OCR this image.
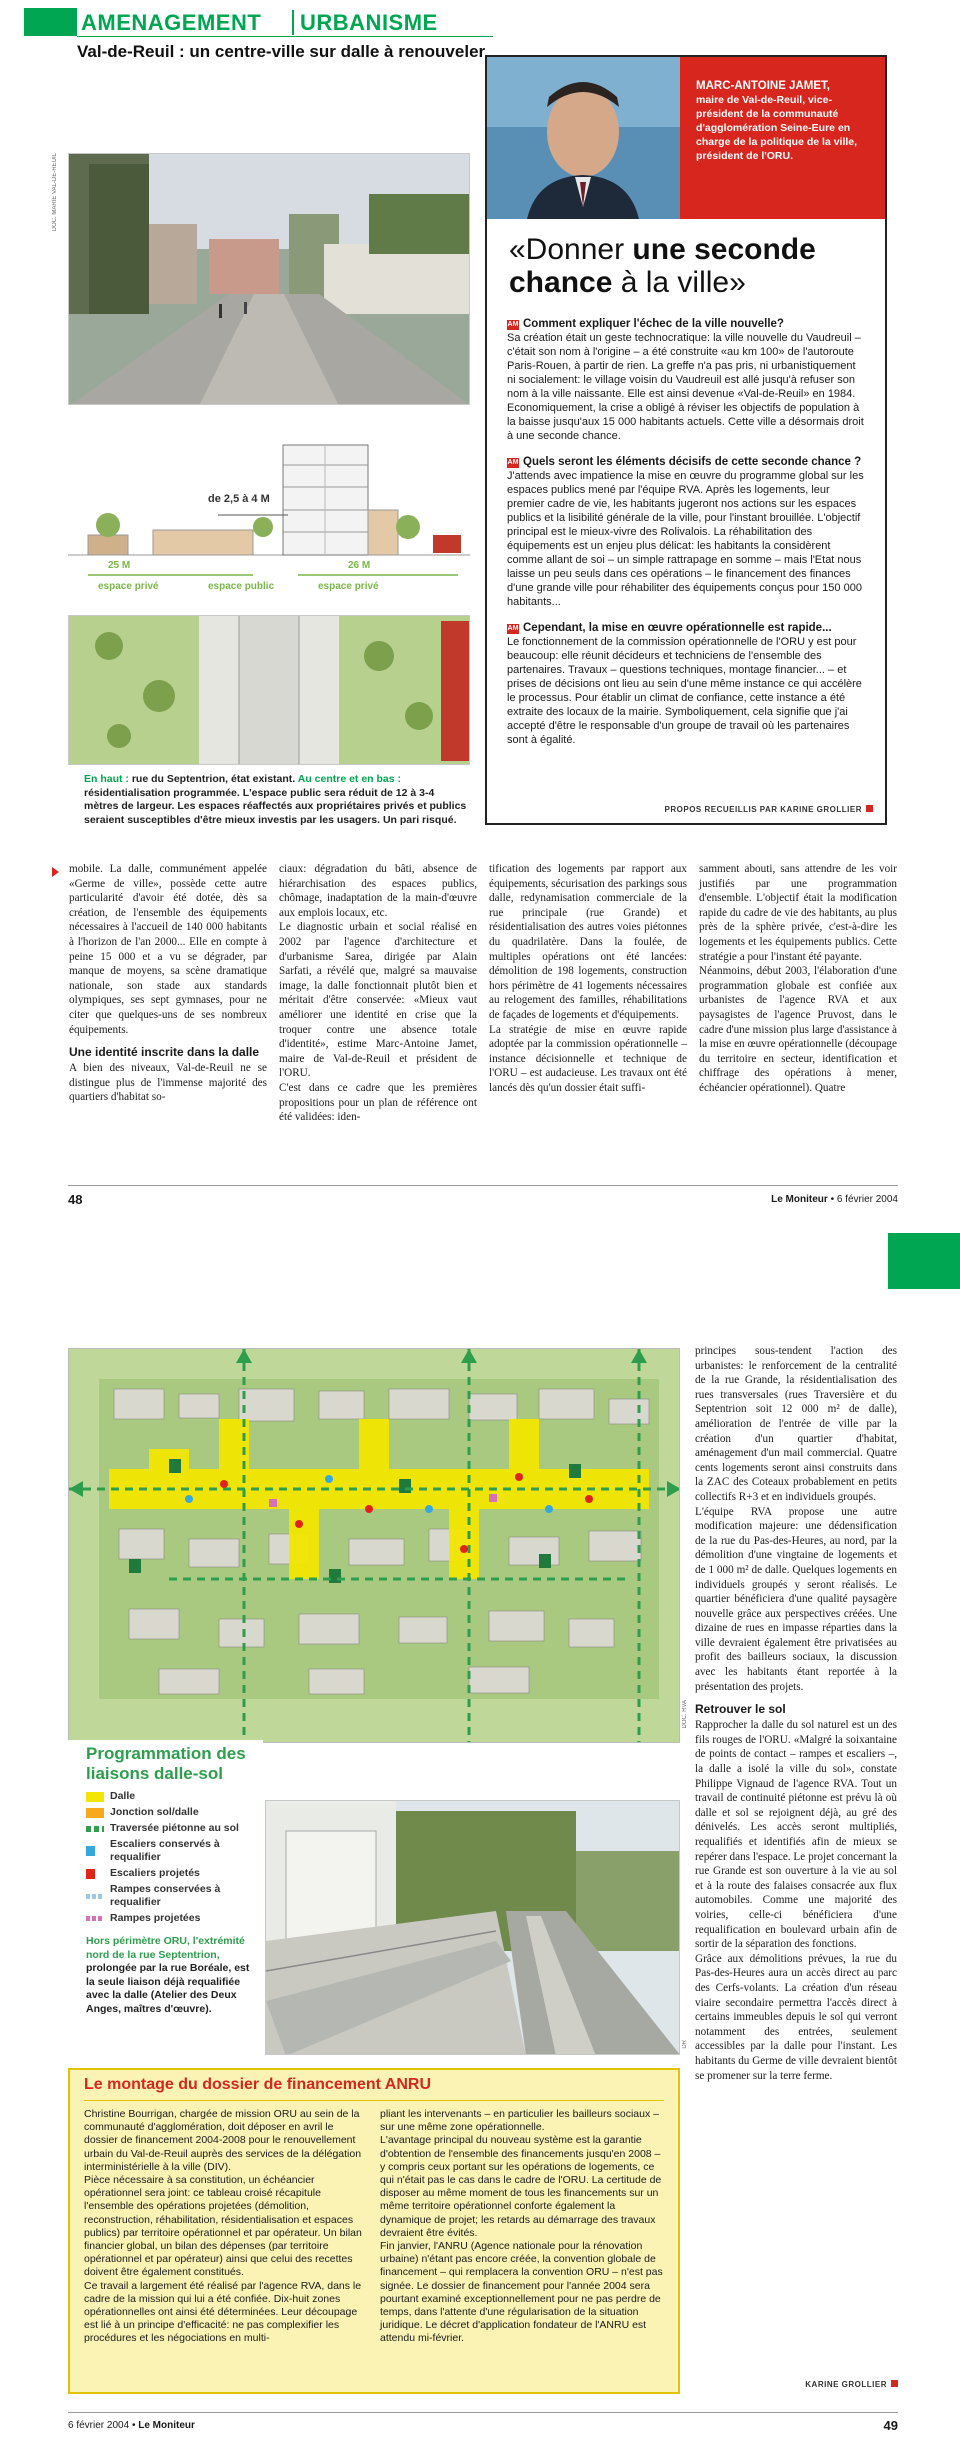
AMENAGEMENT URBANISME
Val-de-Reuil : un centre-ville sur dalle à renouveler
DOC. MARIE VAL-DE-REUIL
de 2,5 à 4 M
25 M	26 M
espace privé	espace public	espace privé
En haut : rue du Septentrion, état existant. Au centre et en bas : résidentialisation programmée. L'espace public sera réduit de 12 à 3-4 mètres de largeur. Les espaces réaffectés aux propriétaires privés et publics seraient susceptibles d'être mieux investis par les usagers. Un pari risqué.
MARC-ANTOINE JAMET,
maire de Val-de-Reuil, vice-président de la communauté d'agglomération Seine-Eure en charge de la politique de la ville, président de l'ORU.
«Donner une seconde chance à la ville»
AM Comment expliquer l'échec de la ville nouvelle?
Sa création était un geste technocratique: la ville nouvelle du Vaudreuil – c'était son nom à l'origine – a été construite «au km 100» de l'autoroute Paris-Rouen, à partir de rien. La greffe n'a pas pris, ni urbanistiquement ni socialement: le village voisin du Vaudreuil est allé jusqu'à refuser son nom à la ville naissante. Elle est ainsi devenue «Val-de-Reuil» en 1984. Economiquement, la crise a obligé à réviser les objectifs de population à la baisse jusqu'aux 15 000 habitants actuels. Cette ville a désormais droit à une seconde chance.
AM Quels seront les éléments décisifs de cette seconde chance ?
J'attends avec impatience la mise en œuvre du programme global sur les espaces publics mené par l'équipe RVA. Après les logements, leur premier cadre de vie, les habitants jugeront nos actions sur les espaces publics et la lisibilité générale de la ville, pour l'instant brouillée. L'objectif principal est le mieux-vivre des Rolivalois. La réhabilitation des équipements est un enjeu plus délicat: les habitants la considèrent comme allant de soi – un simple rattrapage en somme – mais l'Etat nous laisse un peu seuls dans ces opérations – le financement des finances d'une grande ville pour réhabiliter des équipements conçus pour 150 000 habitants...
AM Cependant, la mise en œuvre opérationnelle est rapide...
Le fonctionnement de la commission opérationnelle de l'ORU y est pour beaucoup: elle réunit décideurs et techniciens de l'ensemble des partenaires. Travaux – questions techniques, montage financier... – et prises de décisions ont lieu au sein d'une même instance ce qui accélère le processus. Pour établir un climat de confiance, cette instance a été extraite des locaux de la mairie. Symboliquement, cela signifie que j'ai accepté d'être le responsable d'un groupe de travail où les partenaires sont à égalité.
PROPOS RECUEILLIS PAR KARINE GROLLIER

mobile. La dalle, communément appelée «Germe de ville», possède cette autre particularité d'avoir été dotée, dès sa création, de l'ensemble des équipements nécessaires à l'accueil de 140 000 habitants à l'horizon de l'an 2000... Elle en compte à peine 15 000 et a vu se dégrader, par manque de moyens, sa scène dramatique nationale, son stade aux standards olympiques, ses sept gymnases, pour ne citer que quelques-uns de ses nombreux équipements.

Une identité inscrite dans la dalle

A bien des niveaux, Val-de-Reuil ne se distingue plus de l'immense majorité des quartiers d'habitat so-

ciaux: dégradation du bâti, absence de hiérarchisation des espaces publics, chômage, inadaptation de la main-d'œuvre aux emplois locaux, etc.
Le diagnostic urbain et social réalisé en 2002 par l'agence d'architecture et d'urbanisme Sarea, dirigée par Alain Sarfati, a révélé que, malgré sa mauvaise image, la dalle fonctionnait plutôt bien et méritait d'être conservée: «Mieux vaut améliorer une identité en crise que la troquer contre une absence totale d'identité», estime Marc-Antoine Jamet, maire de Val-de-Reuil et président de l'ORU.
C'est dans ce cadre que les premières propositions pour un plan de référence ont été validées: iden-
tification des logements par rapport aux équipements, sécurisation des parkings sous dalle, redynamisation commerciale de la rue principale (rue Grande) et résidentialisation des autres voies piétonnes du quadrilatère. Dans la foulée, de multiples opérations ont été lancées: démolition de 198 logements, construction hors périmètre de 41 logements nécessaires au relogement des familles, réhabilitations de façades de logements et d'équipements.
La stratégie de mise en œuvre rapide adoptée par la commission opérationnelle – instance décisionnelle et technique de l'ORU – est audacieuse. Les travaux ont été lancés dès qu'un dossier était suffi-
samment abouti, sans attendre de les voir justifiés par une programmation d'ensemble. L'objectif était la modification rapide du cadre de vie des habitants, au plus près de la sphère privée, c'est-à-dire les logements et les équipements publics. Cette stratégie a pour l'instant été payante.
Néanmoins, début 2003, l'élaboration d'une programmation globale est confiée aux urbanistes de l'agence RVA et aux paysagistes de l'agence Pruvost, dans le cadre d'une mission plus large d'assistance à la mise en œuvre opérationnelle (découpage du territoire en secteur, identification et chiffrage des opérations à mener, échéancier opérationnel). Quatre
48	Le Moniteur • 6 février 2004
DOC. RVA
Programmation des liaisons dalle-sol
Dalle
Jonction sol/dalle
Traversée piétonne au sol
Escaliers conservés à requalifier
Escaliers projetés
Rampes conservées à requalifier
Rampes projetées
DR
Hors périmètre ORU, l'extrémité nord de la rue Septentrion, prolongée par la rue Boréale, est la seule liaison déjà requalifiée avec la dalle (Atelier des Deux Anges, maîtres d'œuvre).

principes sous-tendent l'action des urbanistes: le renforcement de la centralité de la rue Grande, la résidentialisation des rues transversales (rues Traversière et du Septentrion soit 12 000 m² de dalle), amélioration de l'entrée de ville par la création d'un quartier d'habitat, aménagement d'un mail commercial. Quatre cents logements seront ainsi construits dans la ZAC des Coteaux probablement en petits collectifs R+3 et en individuels groupés.
L'équipe RVA propose une autre modification majeure: une dédensification de la rue du Pas-des-Heures, au nord, par la démolition d'une vingtaine de logements et de 1 000 m² de dalle. Quelques logements en individuels groupés y seront réalisés. Le quartier bénéficiera d'une qualité paysagère nouvelle grâce aux perspectives créées. Une dizaine de rues en impasse réparties dans la ville devraient également être privatisées au profit des bailleurs sociaux, la discussion avec les habitants étant reportée à la présentation des projets.

Retrouver le sol

Rapprocher la dalle du sol naturel est un des fils rouges de l'ORU. «Malgré la soixantaine de points de contact – rampes et escaliers –, la dalle a isolé la ville du sol», constate Philippe Vignaud de l'agence RVA. Tout un travail de continuité piétonne est prévu là où dalle et sol se rejoignent déjà, au gré des dénivelés. Les accès seront multipliés, requalifiés et identifiés afin de mieux se repérer dans l'espace. Le projet concernant la rue Grande est son ouverture à la vie au sol et à la route des falaises consacrée aux flux automobiles. Comme une majorité des voiries, celle-ci bénéficiera d'une requalification en boulevard urbain afin de sortir de la séparation des fonctions.
Grâce aux démolitions prévues, la rue du Pas-des-Heures aura un accès direct au parc des Cerfs-volants. La création d'un réseau viaire secondaire permettra l'accès direct à certains immeubles depuis le sol qui verront notamment des entrées, seulement accessibles par la dalle pour l'instant. Les habitants du Germe de ville devraient bientôt se promener sur la terre ferme.

KARINE GROLLIER
Le montage du dossier de financement ANRU
Christine Bourrigan, chargée de mission ORU au sein de la communauté d'agglomération, doit déposer en avril le dossier de financement 2004-2008 pour le renouvellement urbain du Val-de-Reuil auprès des services de la délégation interministérielle à la ville (DIV).
Pièce nécessaire à sa constitution, un échéancier opérationnel sera joint: ce tableau croisé récapitule l'ensemble des opérations projetées (démolition, reconstruction, réhabilitation, résidentialisation et espaces publics) par territoire opérationnel et par opérateur. Un bilan financier global, un bilan des dépenses (par territoire opérationnel et par opérateur) ainsi que celui des recettes doivent être également constitués.
Ce travail a largement été réalisé par l'agence RVA, dans le cadre de la mission qui lui a été confiée. Dix-huit zones opérationnelles ont ainsi été déterminées. Leur découpage est lié à un principe d'efficacité: ne pas complexifier les procédures et les négociations en multi-
pliant les intervenants – en particulier les bailleurs sociaux – sur une même zone opérationnelle.
L'avantage principal du nouveau système est la garantie d'obtention de l'ensemble des financements jusqu'en 2008 – y compris ceux portant sur les opérations de logements, ce qui n'était pas le cas dans le cadre de l'ORU. La certitude de disposer au même moment de tous les financements sur un même territoire opérationnel conforte également la dynamique de projet; les retards au démarrage des travaux devraient être évités.
Fin janvier, l'ANRU (Agence nationale pour la rénovation urbaine) n'étant pas encore créée, la convention globale de financement – qui remplacera la convention ORU – n'est pas signée. Le dossier de financement pour l'année 2004 sera pourtant examiné exceptionnellement pour ne pas perdre de temps, dans l'attente d'une régularisation de la situation juridique. Le décret d'application fondateur de l'ANRU est attendu mi-février.
6 février 2004 • Le Moniteur	49
